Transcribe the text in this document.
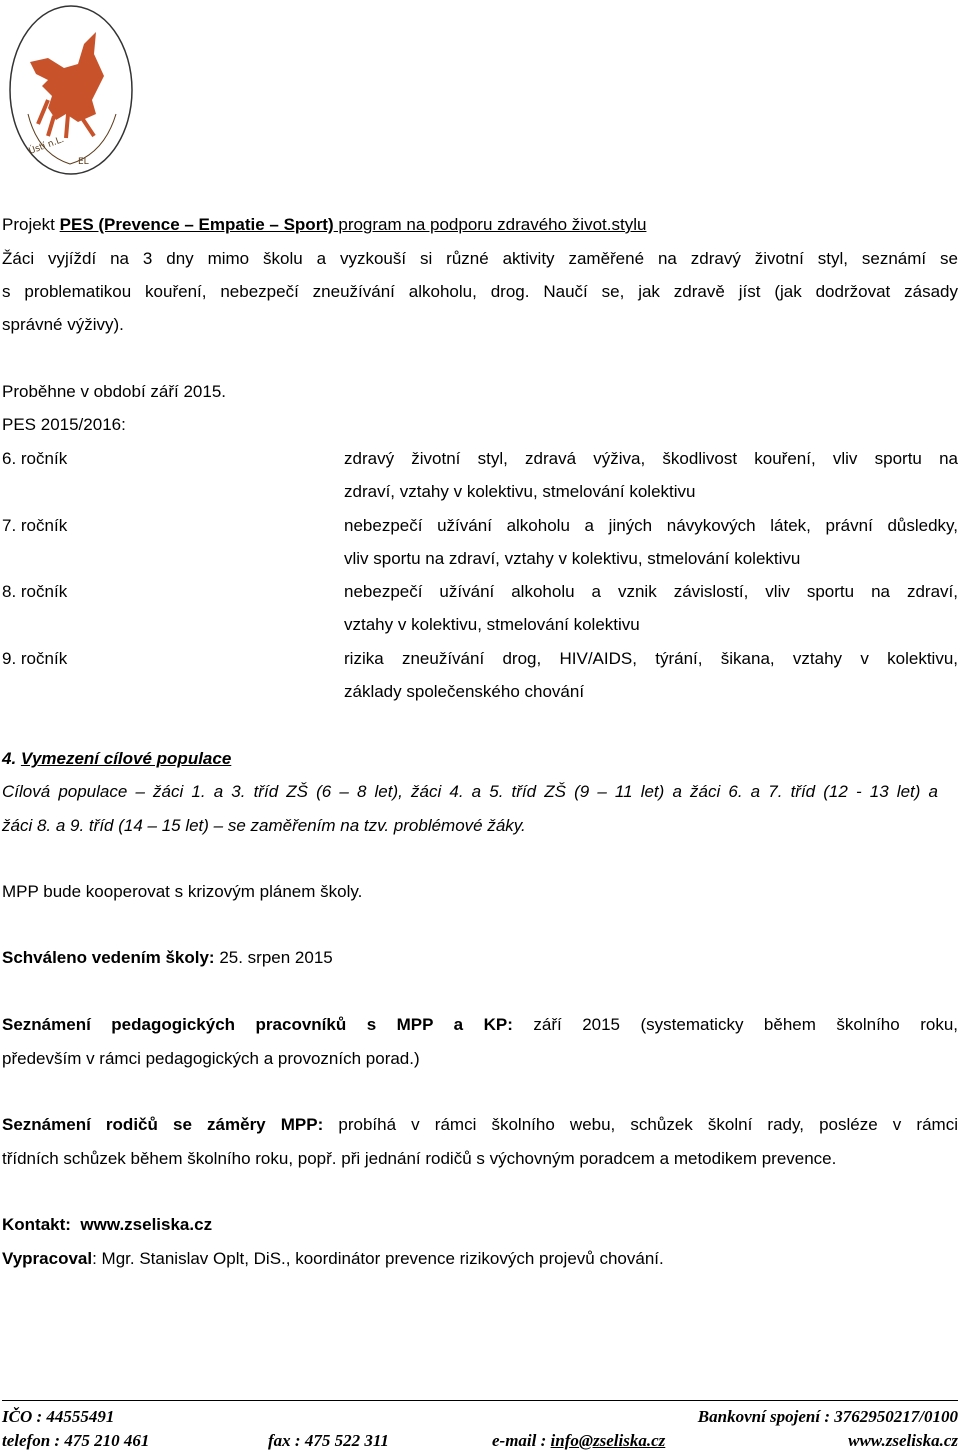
Ústí n.L.
EL
Projekt PES (Prevence – Empatie – Sport) program na podporu zdravého život.stylu
Žáci vyjíždí na 3 dny mimo školu a vyzkouší si různé aktivity zaměřené na zdravý životní styl, seznámí se
s problematikou kouření, nebezpečí zneužívání alkoholu, drog. Naučí se, jak zdravě jíst (jak dodržovat zásady
správné výživy).
Proběhne v období září 2015.
PES 2015/2016:
6. ročník	zdravý životní styl, zdravá výživa, škodlivost kouření, vliv sportu na
zdraví, vztahy v kolektivu, stmelování kolektivu
7. ročník	nebezpečí užívání alkoholu a jiných návykových látek, právní důsledky,
vliv sportu na zdraví, vztahy v kolektivu, stmelování kolektivu
8. ročník	nebezpečí užívání alkoholu a vznik závislostí, vliv sportu na zdraví,
vztahy v kolektivu, stmelování kolektivu
9. ročník	rizika zneužívání drog, HIV/AIDS, týrání, šikana, vztahy v kolektivu,
základy společenského chování
4. Vymezení cílové populace
Cílová populace – žáci 1. a 3. tříd ZŠ (6 – 8 let), žáci 4. a 5. tříd ZŠ (9 – 11 let) a žáci 6. a 7. tříd (12 - 13 let) a
žáci 8. a 9. tříd (14 – 15 let) – se zaměřením na tzv. problémové žáky.
MPP bude kooperovat s krizovým plánem školy.
Schváleno vedením školy: 25. srpen 2015
Seznámení pedagogických pracovníků s MPP a KP: září 2015 (systematicky během školního roku,
především v rámci pedagogických a provozních porad.)
Seznámení rodičů se záměry MPP: probíhá v rámci školního webu, schůzek školní rady, posléze v rámci
třídních schůzek během školního roku, popř. při jednání rodičů s výchovným poradcem a metodikem prevence.
Kontakt: www.zseliska.cz
Vypracoval: Mgr. Stanislav Oplt, DiS., koordinátor prevence rizikových projevů chování.
IČO : 44555491	Bankovní spojení : 3762950217/0100
telefon : 475 210 461	fax : 475 522 311	e-mail : info@zseliska.cz	www.zseliska.cz
